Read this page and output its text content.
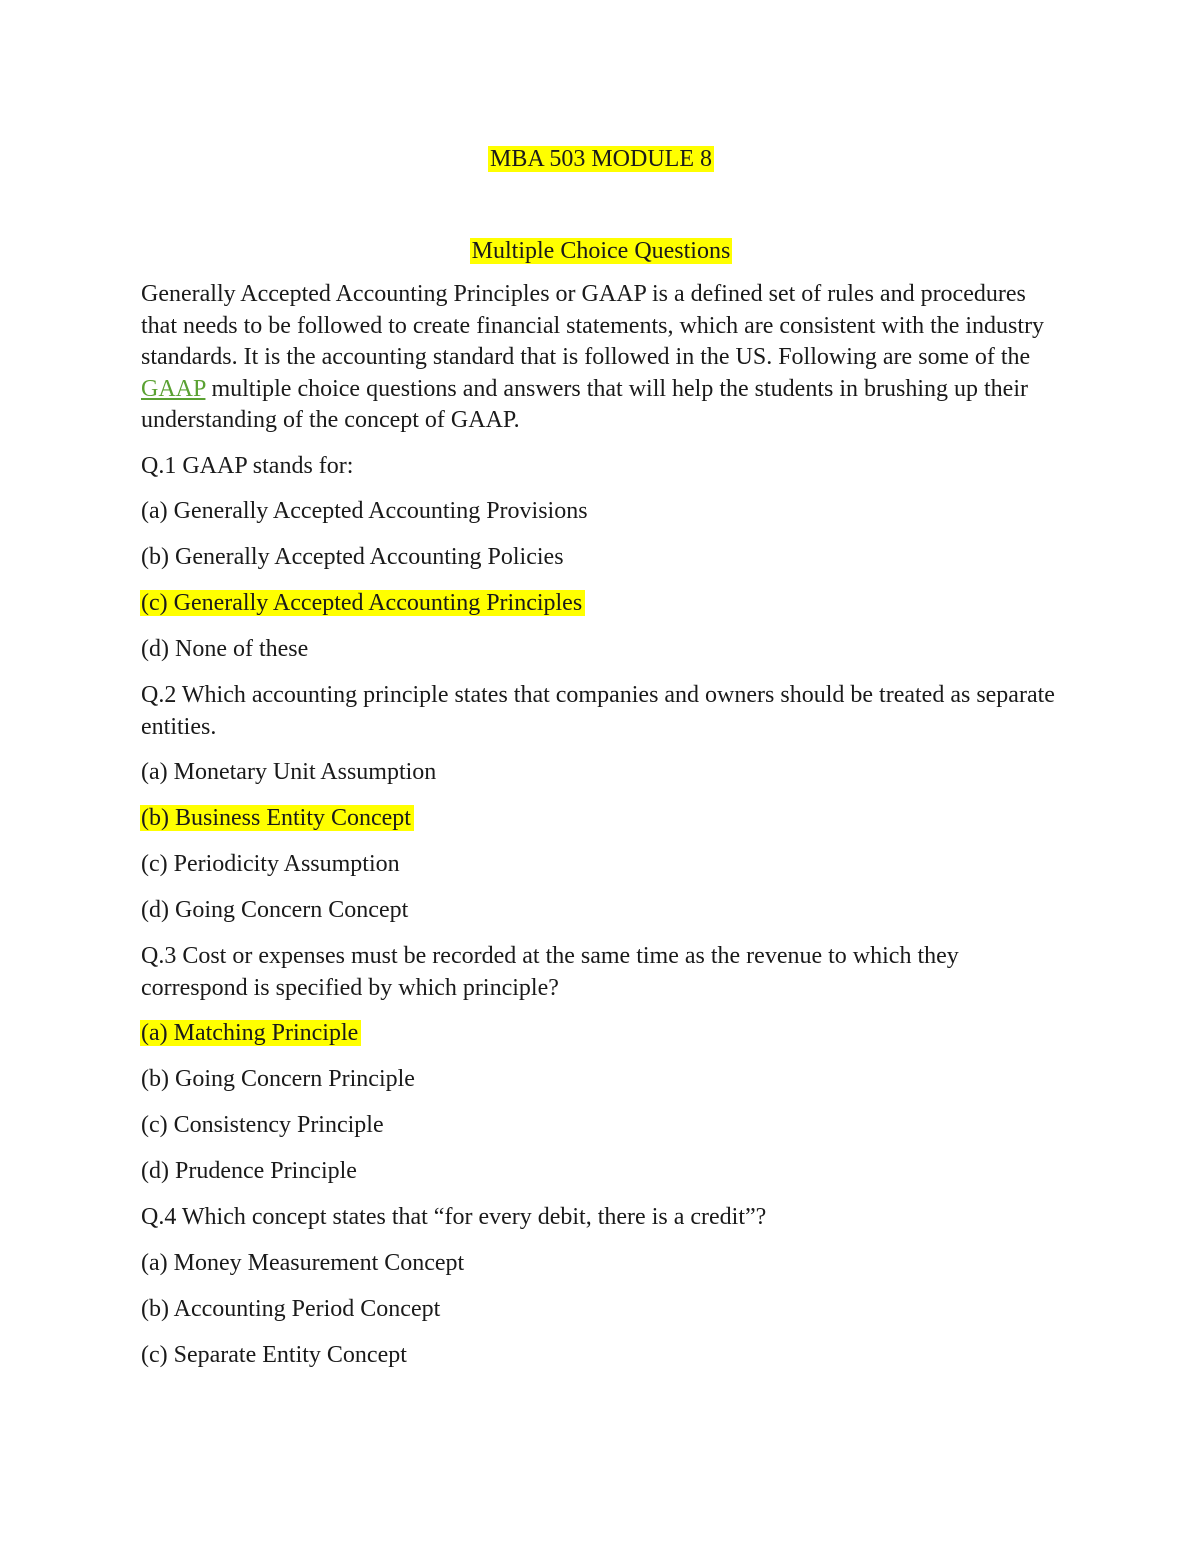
MBA 503 MODULE 8

Multiple Choice Questions

Generally Accepted Accounting Principles or GAAP is a defined set of rules and procedures that needs to be followed to create financial statements, which are consistent with the industry standards. It is the accounting standard that is followed in the US. Following are some of the GAAP multiple choice questions and answers that will help the students in brushing up their understanding of the concept of GAAP.

Q.1 GAAP stands for:

(a) Generally Accepted Accounting Provisions

(b) Generally Accepted Accounting Policies

(c) Generally Accepted Accounting Principles

(d) None of these

Q.2 Which accounting principle states that companies and owners should be treated as separate entities.

(a) Monetary Unit Assumption

(b) Business Entity Concept

(c) Periodicity Assumption

(d) Going Concern Concept

Q.3 Cost or expenses must be recorded at the same time as the revenue to which they correspond is specified by which principle?

(a) Matching Principle

(b) Going Concern Principle

(c) Consistency Principle

(d) Prudence Principle

Q.4 Which concept states that “for every debit, there is a credit”?

(a) Money Measurement Concept

(b) Accounting Period Concept

(c) Separate Entity Concept
